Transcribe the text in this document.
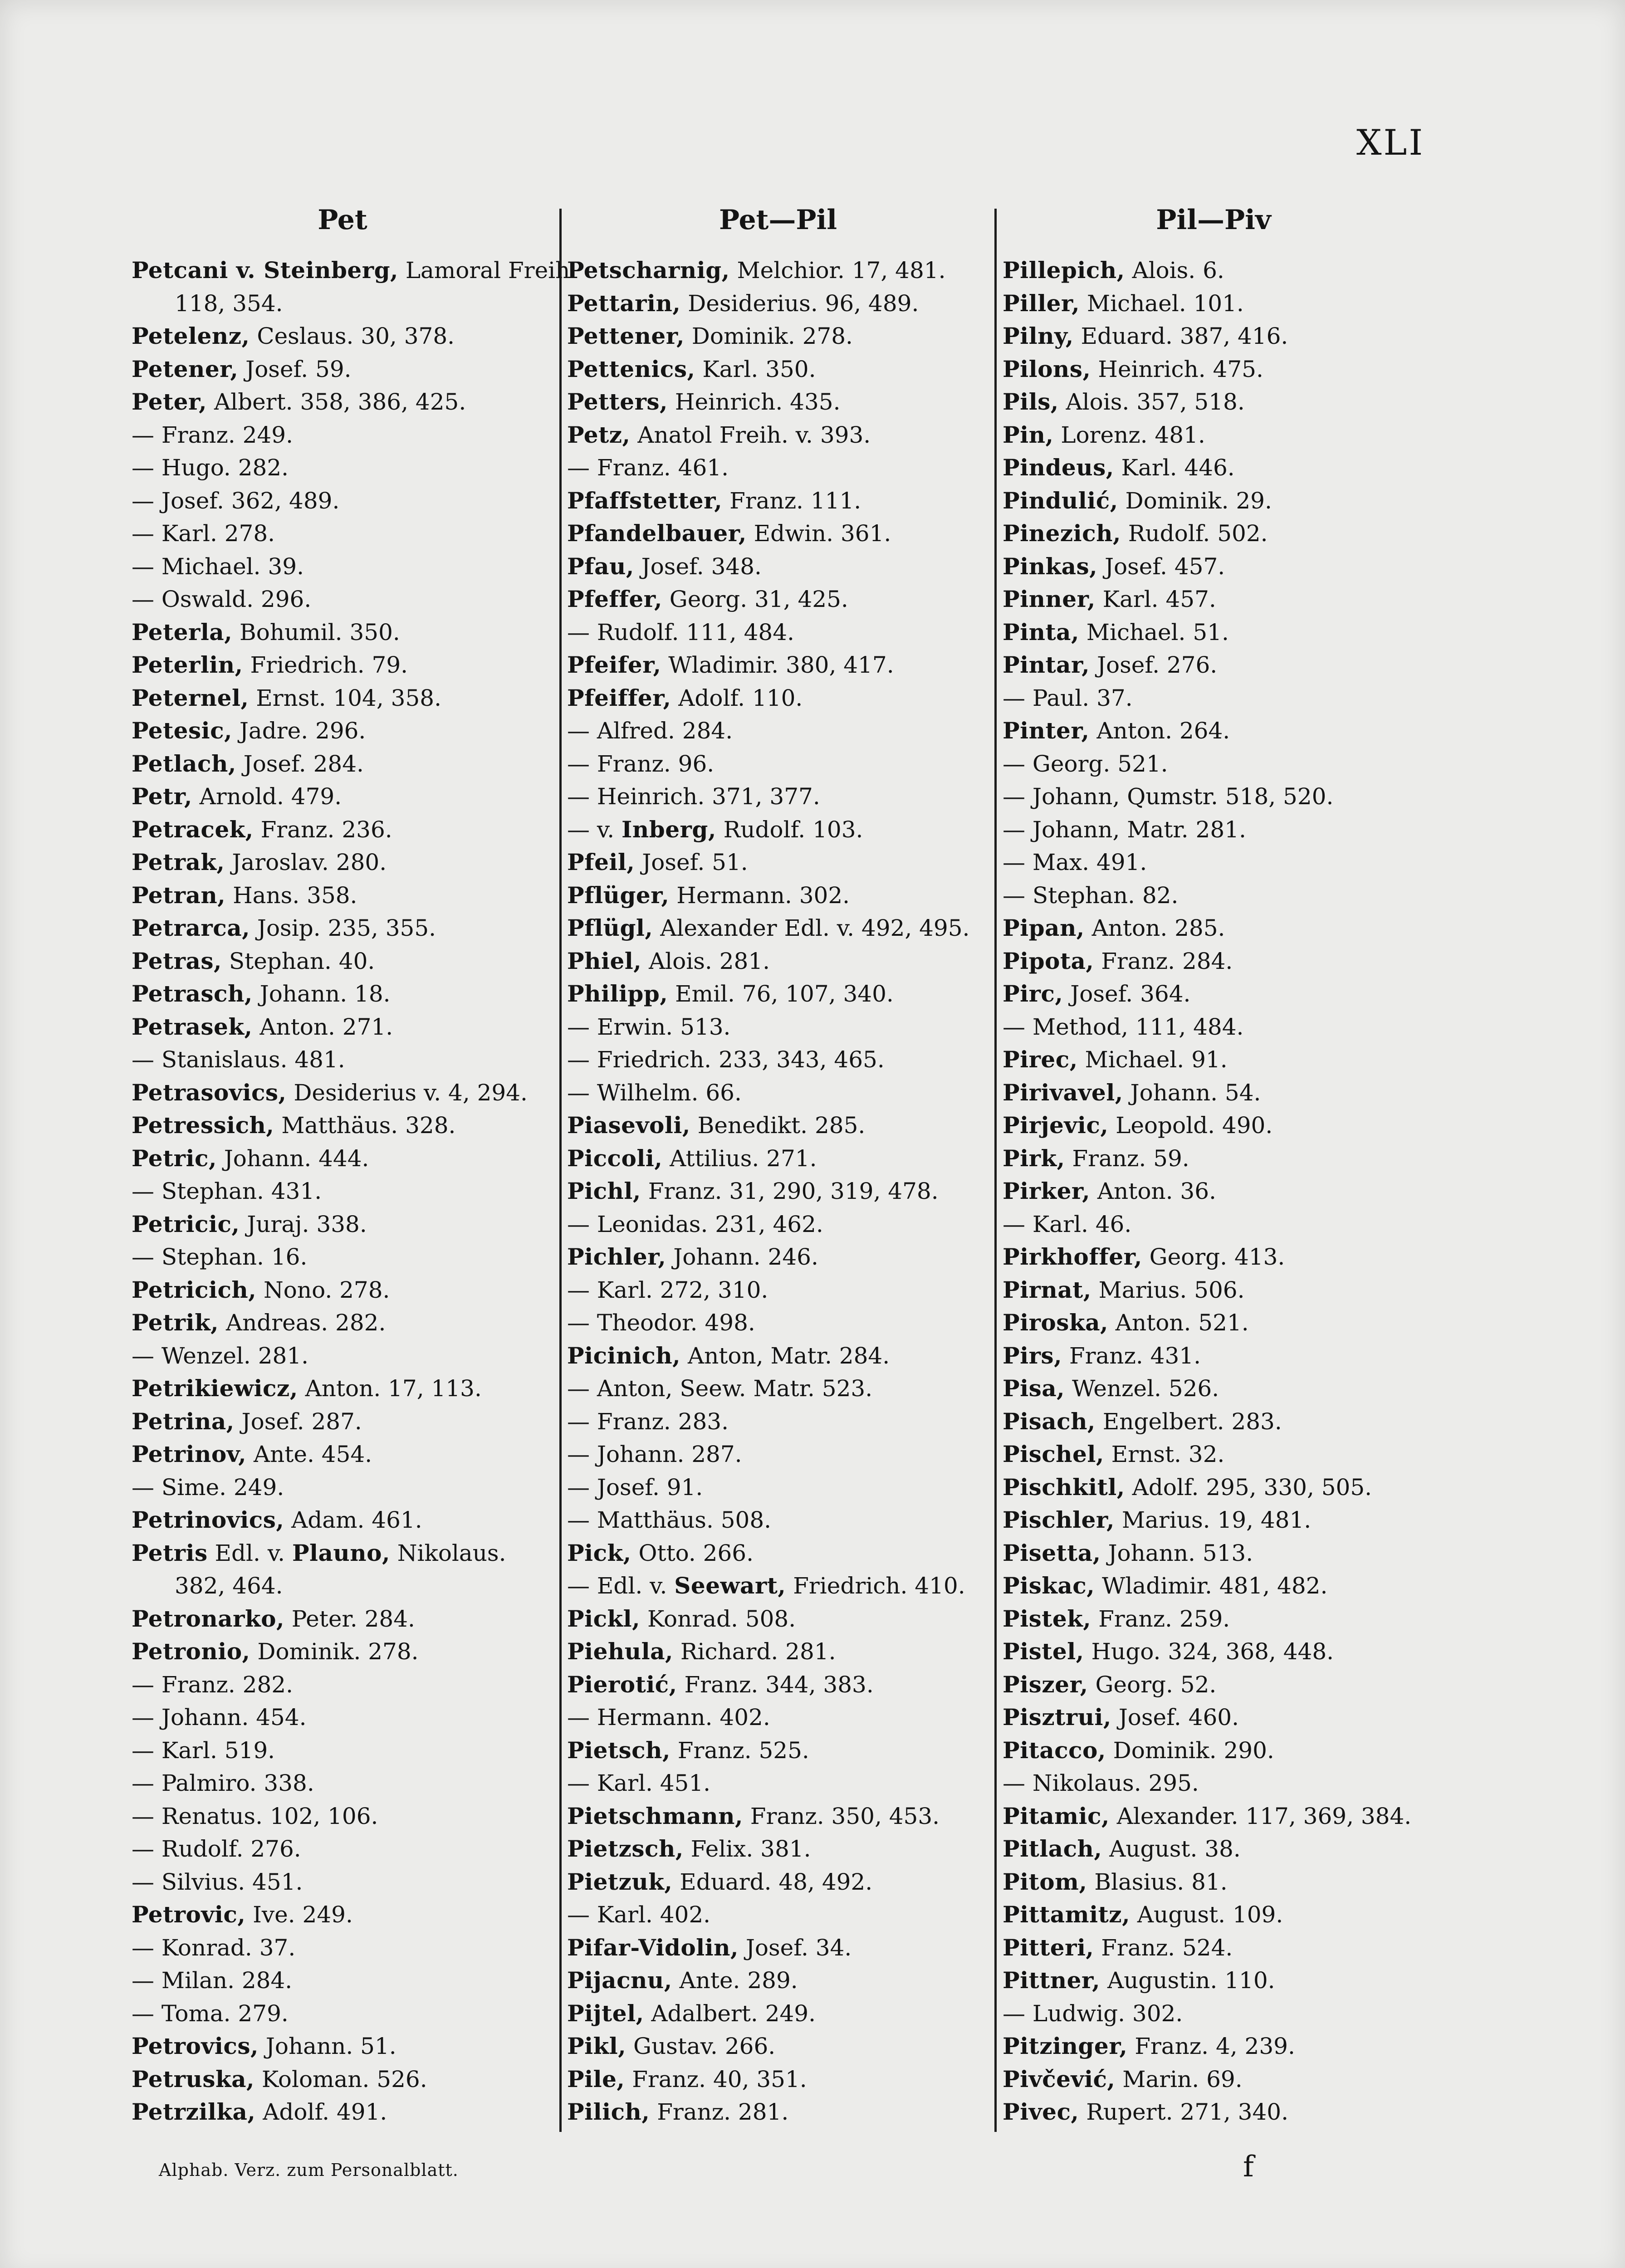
XLI
Pet
Petcani v. Steinberg, Lamoral Freih
118, 354.
Petelenz, Ceslaus. 30, 378.
Petener, Josef. 59.
Peter, Albert. 358, 386, 425.
— Franz. 249.
— Hugo. 282.
— Josef. 362, 489.
— Karl. 278.
— Michael. 39.
— Oswald. 296.
Peterla, Bohumil. 350.
Peterlin, Friedrich. 79.
Peternel, Ernst. 104, 358.
Petesic, Jadre. 296.
Petlach, Josef. 284.
Petr, Arnold. 479.
Petracek, Franz. 236.
Petrak, Jaroslav. 280.
Petran, Hans. 358.
Petrarca, Josip. 235, 355.
Petras, Stephan. 40.
Petrasch, Johann. 18.
Petrasek, Anton. 271.
— Stanislaus. 481.
Petrasovics, Desiderius v. 4, 294.
Petressich, Matthäus. 328.
Petric, Johann. 444.
— Stephan. 431.
Petricic, Juraj. 338.
— Stephan. 16.
Petricich, Nono. 278.
Petrik, Andreas. 282.
— Wenzel. 281.
Petrikiewicz, Anton. 17, 113.
Petrina, Josef. 287.
Petrinov, Ante. 454.
— Sime. 249.
Petrinovics, Adam. 461.
Petris Edl. v. Plauno, Nikolaus.
382, 464.
Petronarko, Peter. 284.
Petronio, Dominik. 278.
— Franz. 282.
— Johann. 454.
— Karl. 519.
— Palmiro. 338.
— Renatus. 102, 106.
— Rudolf. 276.
— Silvius. 451.
Petrovic, Ive. 249.
— Konrad. 37.
— Milan. 284.
— Toma. 279.
Petrovics, Johann. 51.
Petruska, Koloman. 526.
Petrzilka, Adolf. 491.
Pet—Pil
Petscharnig, Melchior. 17, 481.
Pettarin, Desiderius. 96, 489.
Pettener, Dominik. 278.
Pettenics, Karl. 350.
Petters, Heinrich. 435.
Petz, Anatol Freih. v. 393.
— Franz. 461.
Pfaffstetter, Franz. 111.
Pfandelbauer, Edwin. 361.
Pfau, Josef. 348.
Pfeffer, Georg. 31, 425.
— Rudolf. 111, 484.
Pfeifer, Wladimir. 380, 417.
Pfeiffer, Adolf. 110.
— Alfred. 284.
— Franz. 96.
— Heinrich. 371, 377.
— v. Inberg, Rudolf. 103.
Pfeil, Josef. 51.
Pflüger, Hermann. 302.
Pflügl, Alexander Edl. v. 492, 495.
Phiel, Alois. 281.
Philipp, Emil. 76, 107, 340.
— Erwin. 513.
— Friedrich. 233, 343, 465.
— Wilhelm. 66.
Piasevoli, Benedikt. 285.
Piccoli, Attilius. 271.
Pichl, Franz. 31, 290, 319, 478.
— Leonidas. 231, 462.
Pichler, Johann. 246.
— Karl. 272, 310.
— Theodor. 498.
Picinich, Anton, Matr. 284.
— Anton, Seew. Matr. 523.
— Franz. 283.
— Johann. 287.
— Josef. 91.
— Matthäus. 508.
Pick, Otto. 266.
— Edl. v. Seewart, Friedrich. 410.
Pickl, Konrad. 508.
Piehula, Richard. 281.
Pierotić, Franz. 344, 383.
— Hermann. 402.
Pietsch, Franz. 525.
— Karl. 451.
Pietschmann, Franz. 350, 453.
Pietzsch, Felix. 381.
Pietzuk, Eduard. 48, 492.
— Karl. 402.
Pifar-Vidolin, Josef. 34.
Pijacnu, Ante. 289.
Pijtel, Adalbert. 249.
Pikl, Gustav. 266.
Pile, Franz. 40, 351.
Pilich, Franz. 281.
Pil—Piv
Pillepich, Alois. 6.
Piller, Michael. 101.
Pilny, Eduard. 387, 416.
Pilons, Heinrich. 475.
Pils, Alois. 357, 518.
Pin, Lorenz. 481.
Pindeus, Karl. 446.
Pindulić, Dominik. 29.
Pinezich, Rudolf. 502.
Pinkas, Josef. 457.
Pinner, Karl. 457.
Pinta, Michael. 51.
Pintar, Josef. 276.
— Paul. 37.
Pinter, Anton. 264.
— Georg. 521.
— Johann, Qumstr. 518, 520.
— Johann, Matr. 281.
— Max. 491.
— Stephan. 82.
Pipan, Anton. 285.
Pipota, Franz. 284.
Pirc, Josef. 364.
— Method, 111, 484.
Pirec, Michael. 91.
Pirivavel, Johann. 54.
Pirjevic, Leopold. 490.
Pirk, Franz. 59.
Pirker, Anton. 36.
— Karl. 46.
Pirkhoffer, Georg. 413.
Pirnat, Marius. 506.
Piroska, Anton. 521.
Pirs, Franz. 431.
Pisa, Wenzel. 526.
Pisach, Engelbert. 283.
Pischel, Ernst. 32.
Pischkitl, Adolf. 295, 330, 505.
Pischler, Marius. 19, 481.
Pisetta, Johann. 513.
Piskac, Wladimir. 481, 482.
Pistek, Franz. 259.
Pistel, Hugo. 324, 368, 448.
Piszer, Georg. 52.
Pisztrui, Josef. 460.
Pitacco, Dominik. 290.
— Nikolaus. 295.
Pitamic, Alexander. 117, 369, 384.
Pitlach, August. 38.
Pitom, Blasius. 81.
Pittamitz, August. 109.
Pitteri, Franz. 524.
Pittner, Augustin. 110.
— Ludwig. 302.
Pitzinger, Franz. 4, 239.
Pivčević, Marin. 69.
Pivec, Rupert. 271, 340.
Alphab. Verz. zum Personalblatt.	f
